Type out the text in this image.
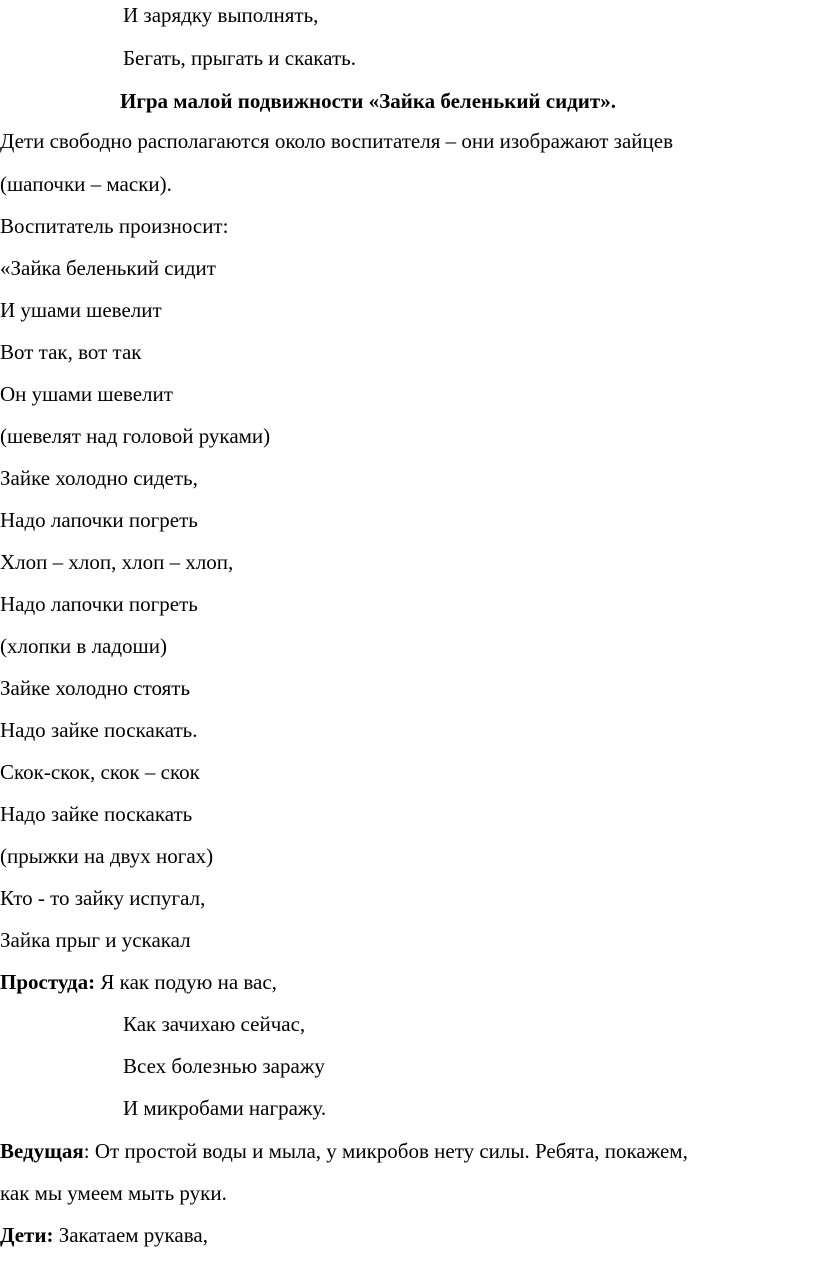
И зарядку выполнять,
Бегать, прыгать и скакать.
Игра малой подвижности «Зайка беленький сидит».
Дети свободно располагаются около воспитателя – они изображают зайцев
(шапочки – маски).
Воспитатель произносит:
«Зайка беленький сидит
И ушами шевелит
Вот так, вот так
Он ушами шевелит
(шевелят над головой руками)
Зайке холодно сидеть,
Надо лапочки погреть
Хлоп – хлоп, хлоп – хлоп,
Надо лапочки погреть
(хлопки в ладоши)
Зайке холодно стоять
Надо зайке поскакать.
Скок-скок, скок – скок
Надо зайке поскакать
(прыжки на двух ногах)
Кто - то зайку испугал,
Зайка прыг и ускакал
Простуда: Я как подую на вас,
Как зачихаю сейчас,
Всех болезнью заражу
И микробами награжу.
Ведущая: От простой воды и мыла, у микробов нету силы. Ребята, покажем,
как мы умеем мыть руки.
Дети: Закатаем рукава,
